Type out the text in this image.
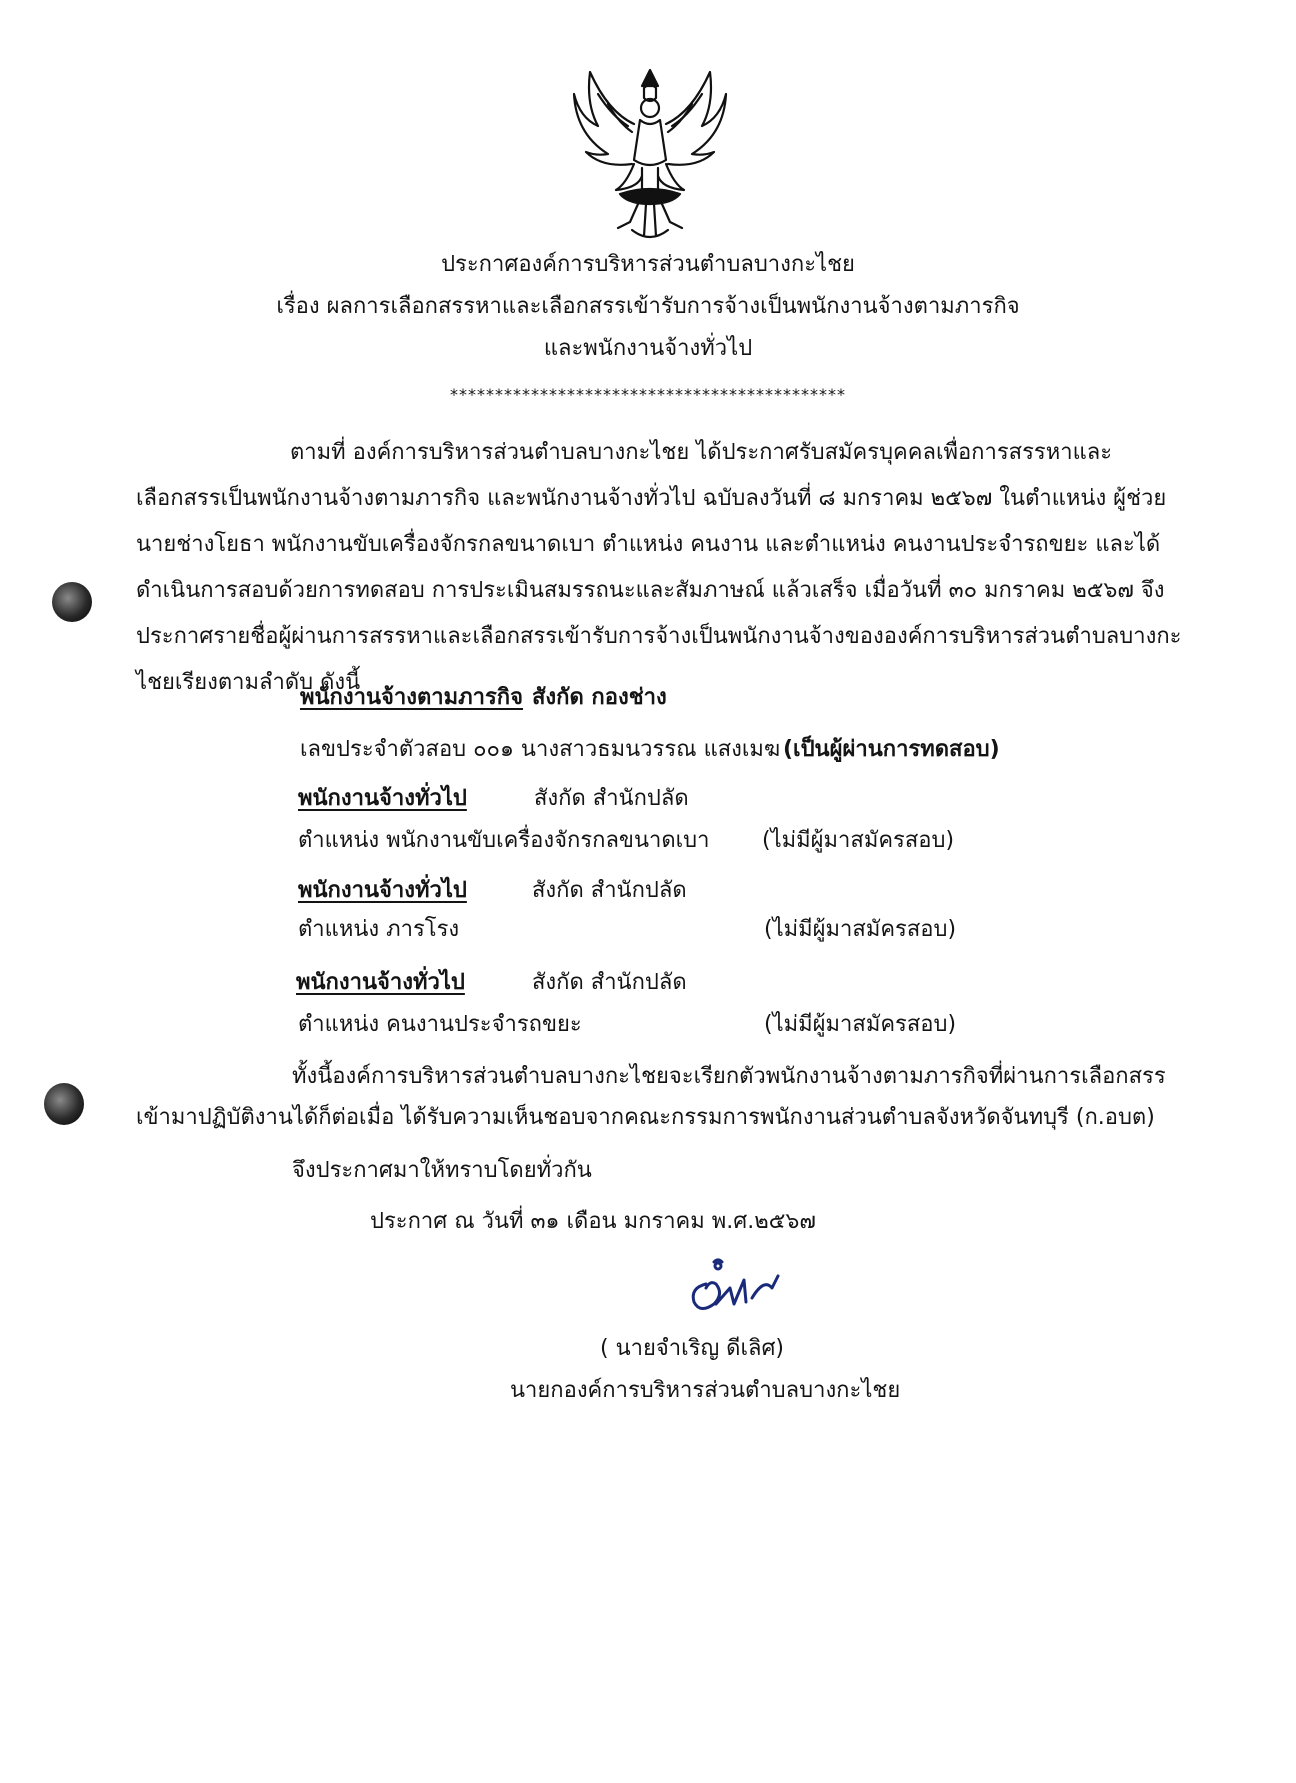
ประกาศองค์การบริหารส่วนตำบลบางกะไชย
เรื่อง ผลการเลือกสรรหาและเลือกสรรเข้ารับการจ้างเป็นพนักงานจ้างตามภารกิจ
และพนักงานจ้างทั่วไป
********************************************
ตามที่ องค์การบริหารส่วนตำบลบางกะไชย ได้ประกาศรับสมัครบุคคลเพื่อการสรรหาและ
เลือกสรรเป็นพนักงานจ้างตามภารกิจ และพนักงานจ้างทั่วไป ฉบับลงวันที่ ๘ มกราคม ๒๕๖๗ ในตำแหน่ง ผู้ช่วย
นายช่างโยธา พนักงานขับเครื่องจักรกลขนาดเบา ตำแหน่ง คนงาน และตำแหน่ง คนงานประจำรถขยะ และได้
ดำเนินการสอบด้วยการทดสอบ การประเมินสมรรถนะและสัมภาษณ์ แล้วเสร็จ เมื่อวันที่ ๓๐ มกราคม ๒๕๖๗ จึง
ประกาศรายชื่อผู้ผ่านการสรรหาและเลือกสรรเข้ารับการจ้างเป็นพนักงานจ้างขององค์การบริหารส่วนตำบลบางกะ
ไชยเรียงตามลำดับ ดังนี้
พนักงานจ้างตามภารกิจ สังกัด กองช่าง
เลขประจำตัวสอบ ๐๐๑ นางสาวธมนวรรณ แสงเมฆ (เป็นผู้ผ่านการทดสอบ)
พนักงานจ้างทั่วไป	สังกัด สำนักปลัด
ตำแหน่ง พนักงานขับเครื่องจักรกลขนาดเบา (ไม่มีผู้มาสมัครสอบ)
พนักงานจ้างทั่วไป	สังกัด สำนักปลัด
ตำแหน่ง ภารโรง	(ไม่มีผู้มาสมัครสอบ)
พนักงานจ้างทั่วไป	สังกัด สำนักปลัด
ตำแหน่ง คนงานประจำรถขยะ	(ไม่มีผู้มาสมัครสอบ)
ทั้งนี้องค์การบริหารส่วนตำบลบางกะไชยจะเรียกตัวพนักงานจ้างตามภารกิจที่ผ่านการเลือกสรร
เข้ามาปฏิบัติงานได้ก็ต่อเมื่อ ได้รับความเห็นชอบจากคณะกรรมการพนักงานส่วนตำบลจังหวัดจันทบุรี (ก.อบต)
จึงประกาศมาให้ทราบโดยทั่วกัน
ประกาศ ณ วันที่ ๓๑ เดือน มกราคม พ.ศ.๒๕๖๗
( นายจำเริญ ดีเลิศ)
นายกองค์การบริหารส่วนตำบลบางกะไชย
